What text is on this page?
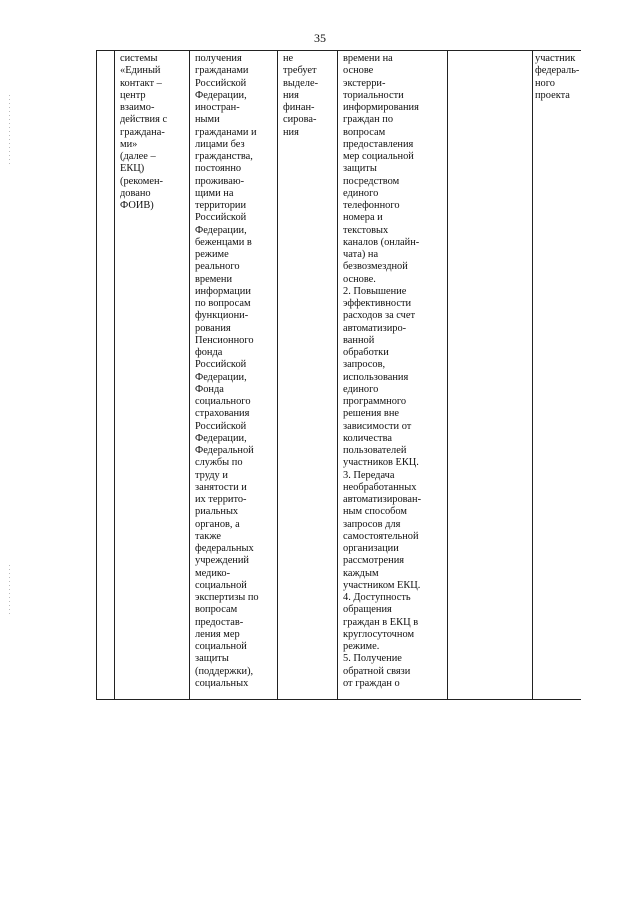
35
системы
«Единый
контакт –
центр
взаимо-
действия с
граждана-
ми»
(далее –
ЕКЦ)
(рекомен-
довано
ФОИВ)
получения
гражданами
Российской
Федерации,
иностран-
ными
гражданами и
лицами без
гражданства,
постоянно
проживаю-
щими на
территории
Российской
Федерации,
беженцами в
режиме
реального
времени
информации
по вопросам
функциони-
рования
Пенсионного
фонда
Российской
Федерации,
Фонда
социального
страхования
Российской
Федерации,
Федеральной
службы по
труду и
занятости и
их террито-
риальных
органов, а
также
федеральных
учреждений
медико-
социальной
экспертизы по
вопросам
предостав-
ления мер
социальной
защиты
(поддержки),
социальных
не
требует
выделе-
ния
финан-
сирова-
ния
времени на
основе
экстерри-
ториальности
информирования
граждан по
вопросам
предоставления
мер социальной
защиты
посредством
единого
телефонного
номера и
текстовых
каналов (онлайн-
чата) на
безвозмездной
основе.
2. Повышение
эффективности
расходов за счет
автоматизиро-
ванной
обработки
запросов,
использования
единого
программного
решения вне
зависимости от
количества
пользователей
участников ЕКЦ.
3. Передача
необработанных
автоматизирован-
ным способом
запросов для
самостоятельной
организации
рассмотрения
каждым
участником ЕКЦ.
4. Доступность
обращения
граждан в ЕКЦ в
круглосуточном
режиме.
5. Получение
обратной связи
от граждан о
участник
федераль-
ного
проекта
